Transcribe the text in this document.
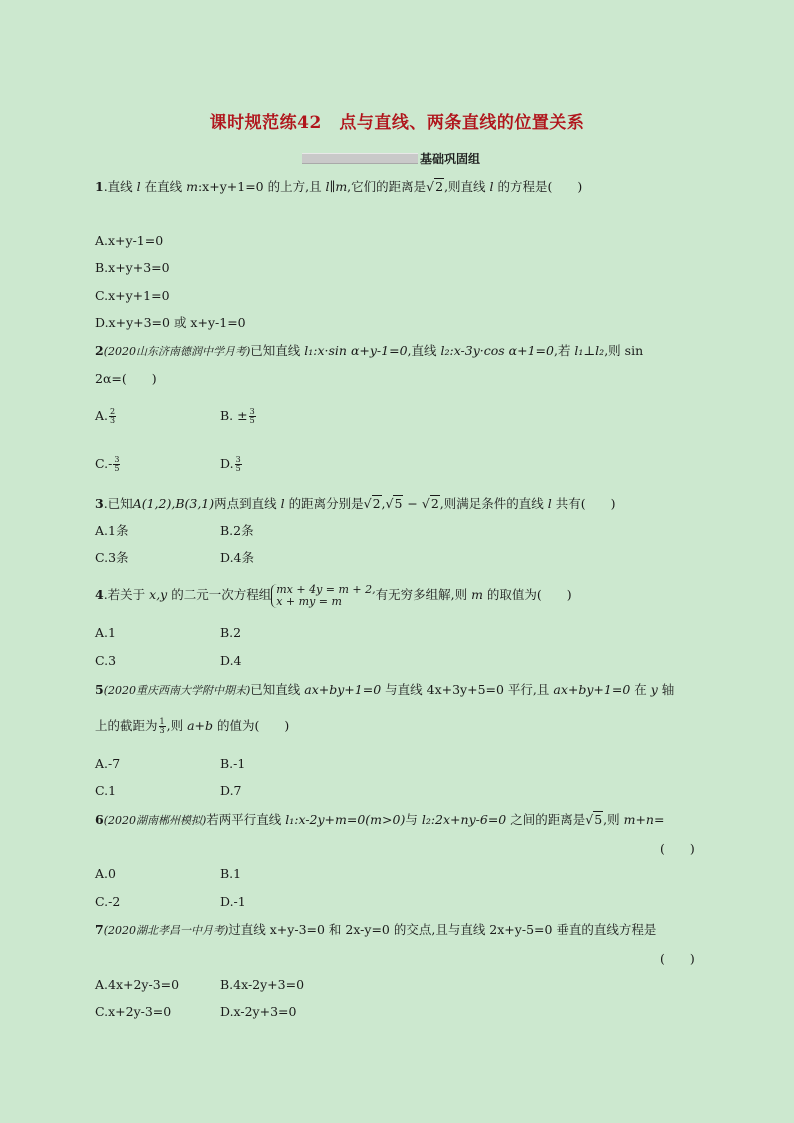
课时规范练42　点与直线、两条直线的位置关系
基础巩固组
1.直线 l 在直线 m:x+y+1=0 的上方,且 l∥m,它们的距离是√2,则直线 l 的方程是(　　)
A.x+y-1=0
B.x+y+3=0
C.x+y+1=0
D.x+y+3=0 或 x+y-1=0
2(2020山东济南德润中学月考)已知直线 l₁:x·sin α+y-1=0,直线 l₂:x-3y·cos α+1=0,若 l₁⊥l₂,则 sin
2α=(　　)
A. $\frac{2}{3}$	B. ± $\frac{3}{5}$
$C.- \frac{3}{5}$	D. $\frac{3}{5}$
3.已知A(1,2),B(3,1)两点到直线 l 的距离分别是√2,√5 − √2,则满足条件的直线 l 共有(　　)
A.1条	B.2条
C.3条	D.4条
4.若关于 x,y 的二元一次方程组 mx + 4y = m + 2,
x + my = m	有无穷多组解,则 m 的取值为(　　)
A.1	B.2
C.3	D.4
5(2020重庆西南大学附中期末)已知直线 ax+by+1=0 与直线 4x+3y+5=0 平行,且 ax+by+1=0 在 y 轴
上的截距为 $\frac{1}{3}$ ,则 a+b 的值为(　　)
A.-7	B.-1
C.1	D.7
6(2020湖南郴州模拟)若两平行直线 l₁:x-2y+m=0(m>0)与 l₂:2x+ny-6=0 之间的距离是√5,则 m+n=
(　　)
A.0	B.1
C.-2	D.-1
7(2020湖北孝昌一中月考)过直线 x+y-3=0 和 2x-y=0 的交点,且与直线 2x+y-5=0 垂直的直线方程是
(　　)
A.4x+2y-3=0	B.4x-2y+3=0
C.x+2y-3=0	D.x-2y+3=0
